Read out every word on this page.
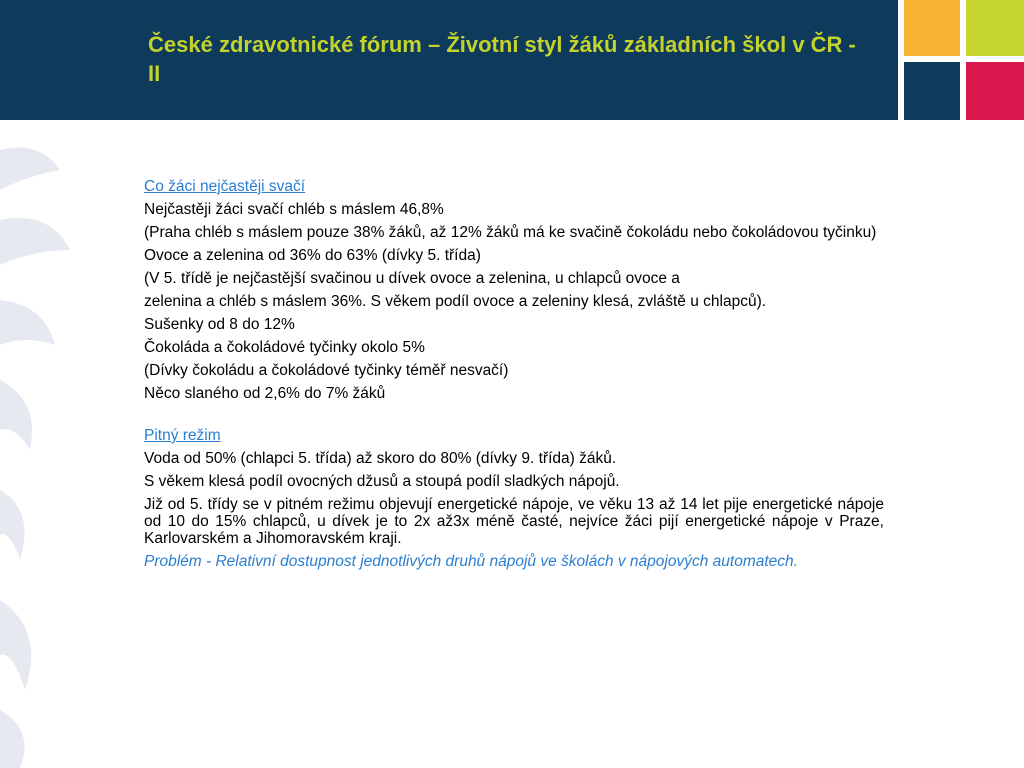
České zdravotnické fórum – Životní styl žáků základních škol v ČR - II

Co žáci nejčastěji svačí

Nejčastěji žáci svačí chléb s máslem 46,8%

(Praha chléb s máslem pouze 38% žáků, až 12% žáků má ke svačině čokoládu nebo čokoládovou tyčinku)

Ovoce a zelenina od 36% do 63% (dívky 5. třída)

(V 5. třídě je nejčastější svačinou u dívek ovoce a zelenina, u chlapců ovoce a

zelenina a chléb s máslem 36%. S věkem podíl ovoce a zeleniny klesá, zvláště u chlapců).

Sušenky od 8 do 12%

Čokoláda a čokoládové tyčinky okolo 5%

(Dívky čokoládu a čokoládové tyčinky téměř nesvačí)

Něco slaného od 2,6% do 7% žáků

Pitný režim

Voda od 50% (chlapci 5. třída) až skoro do 80% (dívky 9. třída) žáků.

S věkem klesá podíl ovocných džusů a stoupá podíl sladkých nápojů.

Již od 5. třídy se v pitném režimu objevují energetické nápoje, ve věku 13 až 14 let pije energetické nápoje od 10 do 15% chlapců, u dívek je to 2x až3x méně časté, nejvíce žáci pijí energetické nápoje v Praze, Karlovarském a Jihomoravském kraji.

Problém - Relativní dostupnost jednotlivých druhů nápojů ve školách v nápojových automatech.
